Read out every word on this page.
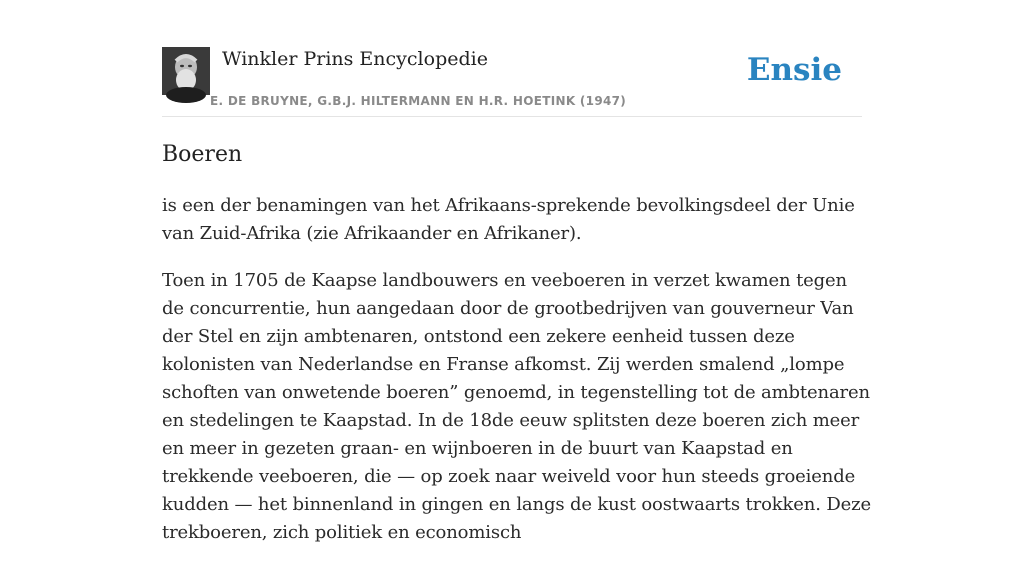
Winkler Prins Encyclopedie
E. DE BRUYNE, G.B.J. HILTERMANN EN H.R. HOETINK (1947)
Ensie
Boeren

is een der benamingen van het Afrikaans-sprekende bevolkingsdeel der Unie van Zuid-Afrika (zie Afrikaander en Afrikaner).

Toen in 1705 de Kaapse landbouwers en veeboeren in verzet kwamen tegen de concurrentie, hun aangedaan door de grootbedrijven van gouverneur Van der Stel en zijn ambtenaren, ontstond een zekere eenheid tussen deze kolonisten van Nederlandse en Franse afkomst. Zij werden smalend „lompe schoften van onwetende boeren” genoemd, in tegenstelling tot de ambtenaren en stedelingen te Kaapstad. In de 18de eeuw splitsten deze boeren zich meer en meer in gezeten graan- en wijnboeren in de buurt van Kaapstad en trekkende veeboeren, die — op zoek naar weiveld voor hun steeds groeiende kudden — het binnenland in gingen en langs de kust oostwaarts trokken. Deze trekboeren, zich politiek en economisch
